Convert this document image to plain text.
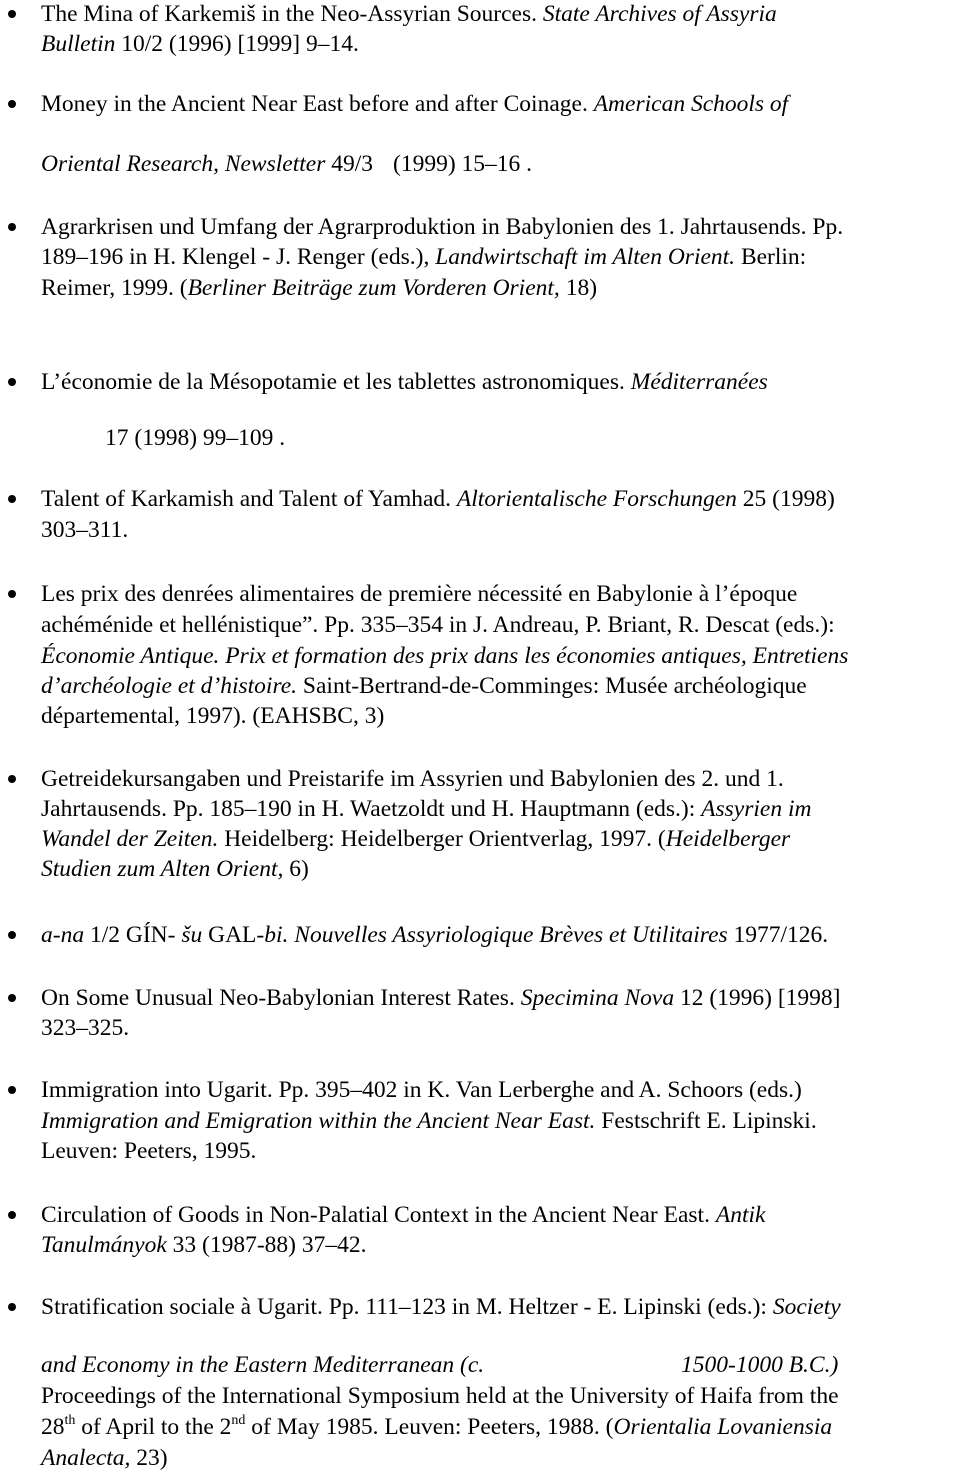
The Mina of Karkemiš in the Neo-Assyrian Sources. State Archives of Assyria
Bulletin 10/2 (1996) [1999] 9–14.
Money in the Ancient Near East before and after Coinage. American Schools of
Oriental Research, Newsletter 49/3 (1999) 15–16 .
Agrarkrisen und Umfang der Agrarproduktion in Babylonien des 1. Jahrtausends. Pp.
189–196 in H. Klengel - J. Renger (eds.), Landwirtschaft im Alten Orient. Berlin:
Reimer, 1999. (Berliner Beiträge zum Vorderen Orient, 18)
L’économie de la Mésopotamie et les tablettes astronomiques. Méditerranées
17 (1998) 99–109 .
Talent of Karkamish and Talent of Yamhad. Altorientalische Forschungen 25 (1998)
303–311.
Les prix des denrées alimentaires de première nécessité en Babylonie à l’époque
achéménide et hellénistique”. Pp. 335–354 in J. Andreau, P. Briant, R. Descat (eds.):
Économie Antique. Prix et formation des prix dans les économies antiques, Entretiens
d’archéologie et d’histoire. Saint-Bertrand-de-Comminges: Musée archéologique
départemental, 1997). (EAHSBC, 3)
Getreidekursangaben und Preistarife im Assyrien und Babylonien des 2. und 1.
Jahrtausends. Pp. 185–190 in H. Waetzoldt und H. Hauptmann (eds.): Assyrien im
Wandel der Zeiten. Heidelberg: Heidelberger Orientverlag, 1997. (Heidelberger
Studien zum Alten Orient, 6)
a-na 1/2 GÍN- šu GAL-bi. Nouvelles Assyriologique Brèves et Utilitaires 1977/126.
On Some Unusual Neo-Babylonian Interest Rates. Specimina Nova 12 (1996) [1998]
323–325.
Immigration into Ugarit. Pp. 395–402 in K. Van Lerberghe and A. Schoors (eds.)
Immigration and Emigration within the Ancient Near East. Festschrift E. Lipinski.
Leuven: Peeters, 1995.
Circulation of Goods in Non-Palatial Context in the Ancient Near East. Antik
Tanulmányok 33 (1987-88) 37–42.
Stratification sociale à Ugarit. Pp. 111–123 in M. Heltzer - E. Lipinski (eds.): Society
and Economy in the Eastern Mediterranean (c.	1500-1000 B.C.)
Proceedings of the International Symposium held at the University of Haifa from the
28th of April to the 2nd of May 1985. Leuven: Peeters, 1988. (Orientalia Lovaniensia
Analecta, 23)
